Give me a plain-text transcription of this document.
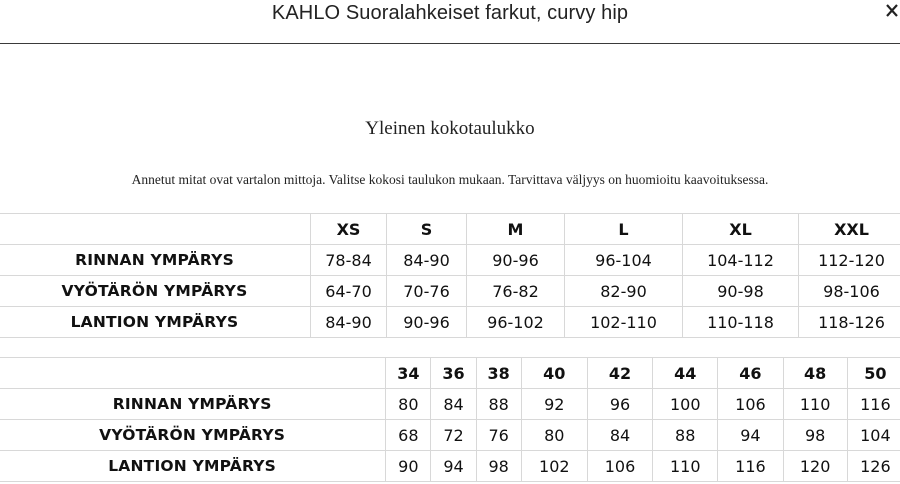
KAHLO Suoralahkeiset farkut, curvy hip
Yleinen kokotaulukko
Annetut mitat ovat vartalon mittoja. Valitse kokosi taulukon mukaan. Tarvittava väljyys on huomioitu kaavoituksessa.
	XS	S	M	L	XL	XXL
RINNAN YMPÄRYS	78-84	84-90	90-96	96-104	104-112	112-120
VYÖTÄRÖN YMPÄRYS	64-70	70-76	76-82	82-90	90-98	98-106
LANTION YMPÄRYS	84-90	90-96	96-102	102-110	110-118	118-126
	34	36	38	40	42	44	46	48	50
RINNAN YMPÄRYS	80	84	88	92	96	100	106	110	116
VYÖTÄRÖN YMPÄRYS	68	72	76	80	84	88	94	98	104
LANTION YMPÄRYS	90	94	98	102	106	110	116	120	126
